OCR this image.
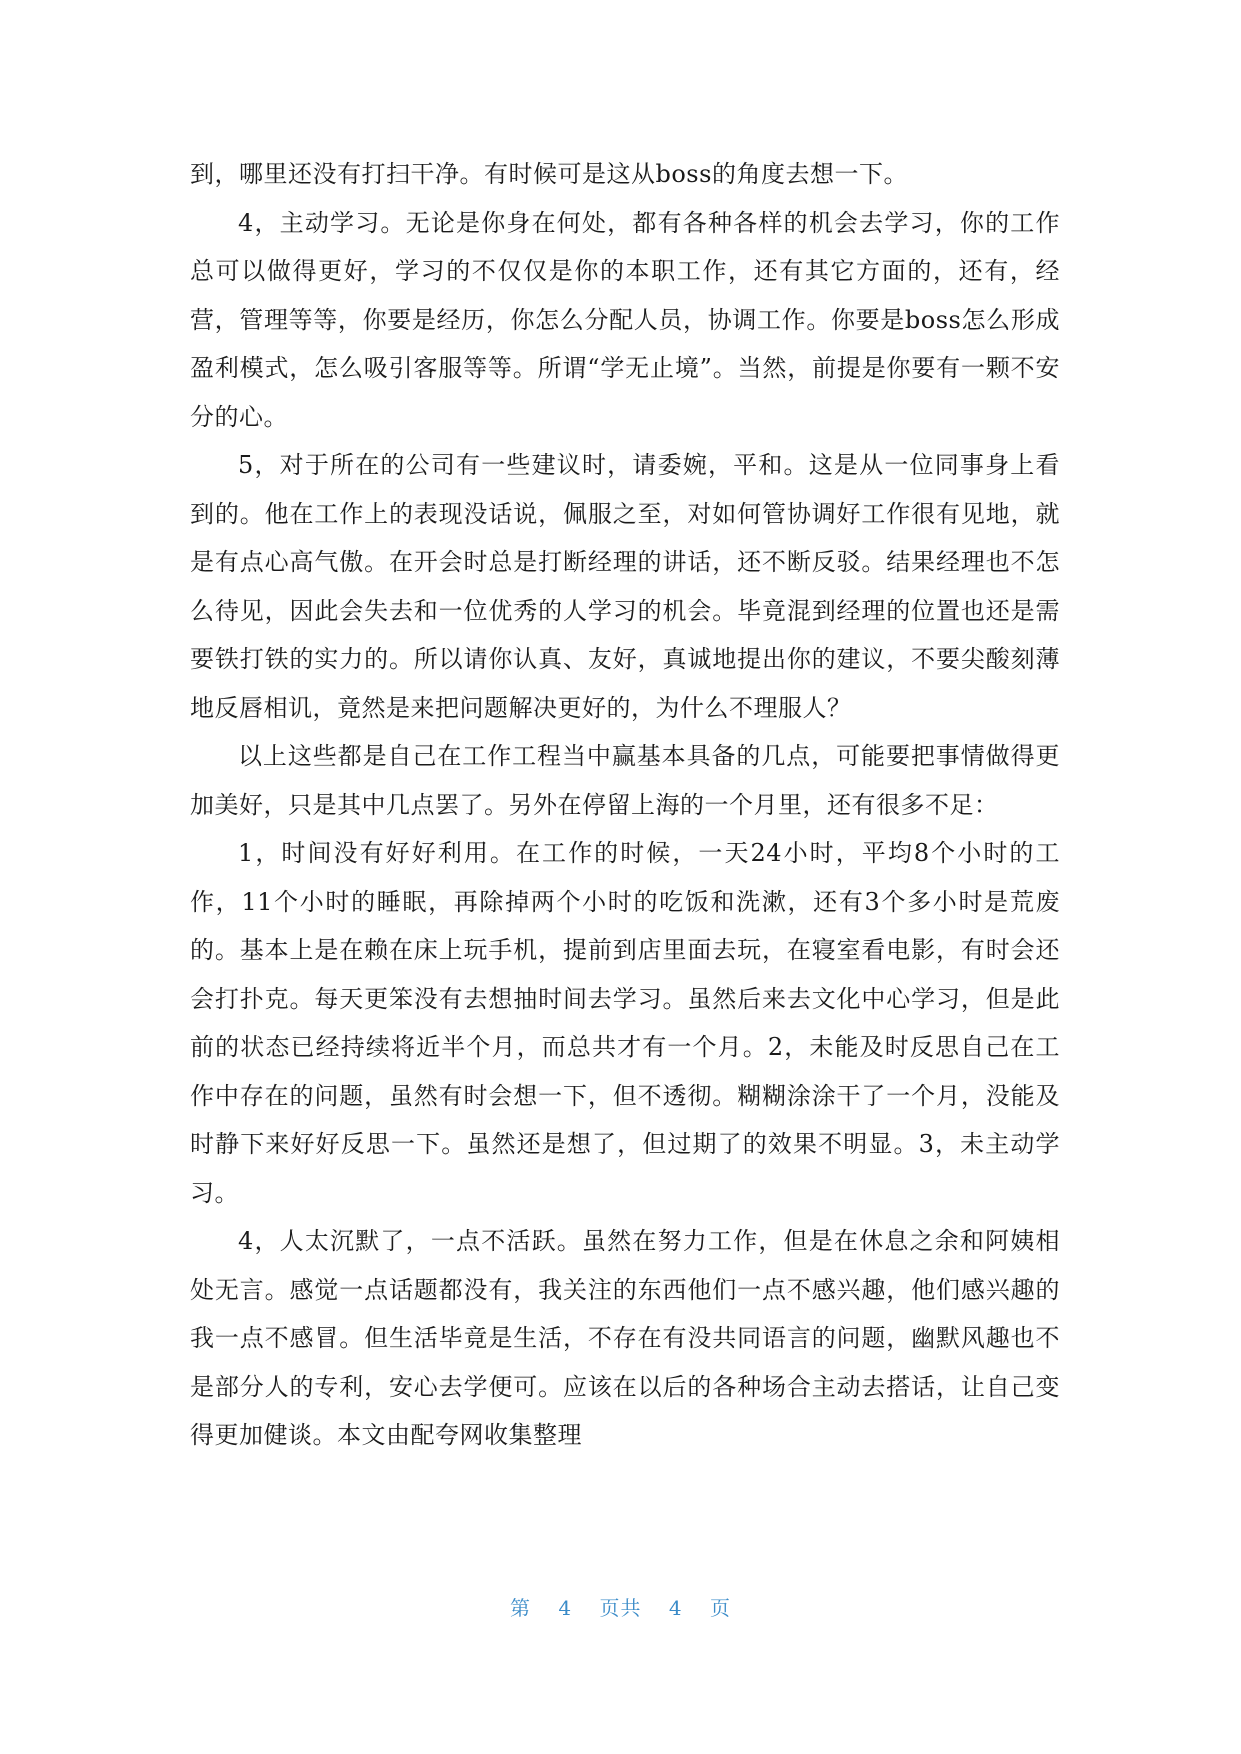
到，哪里还没有打扫干净。有时候可是这从boss的角度去想一下。

4，主动学习。无论是你身在何处，都有各种各样的机会去学习，你的工作总可以做得更好，学习的不仅仅是你的本职工作，还有其它方面的，还有，经营，管理等等，你要是经历，你怎么分配人员，协调工作。你要是boss怎么形成盈利模式，怎么吸引客服等等。所谓“学无止境”。当然，前提是你要有一颗不安分的心。

5，对于所在的公司有一些建议时，请委婉，平和。这是从一位同事身上看到的。他在工作上的表现没话说，佩服之至，对如何管协调好工作很有见地，就是有点心高气傲。在开会时总是打断经理的讲话，还不断反驳。结果经理也不怎么待见，因此会失去和一位优秀的人学习的机会。毕竟混到经理的位置也还是需要铁打铁的实力的。所以请你认真、友好，真诚地提出你的建议，不要尖酸刻薄地反唇相讥，竟然是来把问题解决更好的，为什么不理服人？

以上这些都是自己在工作工程当中赢基本具备的几点，可能要把事情做得更加美好，只是其中几点罢了。另外在停留上海的一个月里，还有很多不足：

1，时间没有好好利用。在工作的时候，一天24小时，平均8个小时的工作，11个小时的睡眠，再除掉两个小时的吃饭和洗漱，还有3个多小时是荒废的。基本上是在赖在床上玩手机，提前到店里面去玩，在寝室看电影，有时会还会打扑克。每天更笨没有去想抽时间去学习。虽然后来去文化中心学习，但是此前的状态已经持续将近半个月，而总共才有一个月。2，未能及时反思自己在工作中存在的问题，虽然有时会想一下，但不透彻。糊糊涂涂干了一个月，没能及时静下来好好反思一下。虽然还是想了，但过期了的效果不明显。3，未主动学习。

4，人太沉默了，一点不活跃。虽然在努力工作，但是在休息之余和阿姨相处无言。感觉一点话题都没有，我关注的东西他们一点不感兴趣，他们感兴趣的我一点不感冒。但生活毕竟是生活，不存在有没共同语言的问题，幽默风趣也不是部分人的专利，安心去学便可。应该在以后的各种场合主动去搭话，让自己变得更加健谈。本文由配夸网收集整理

第 4 页共 4 页
